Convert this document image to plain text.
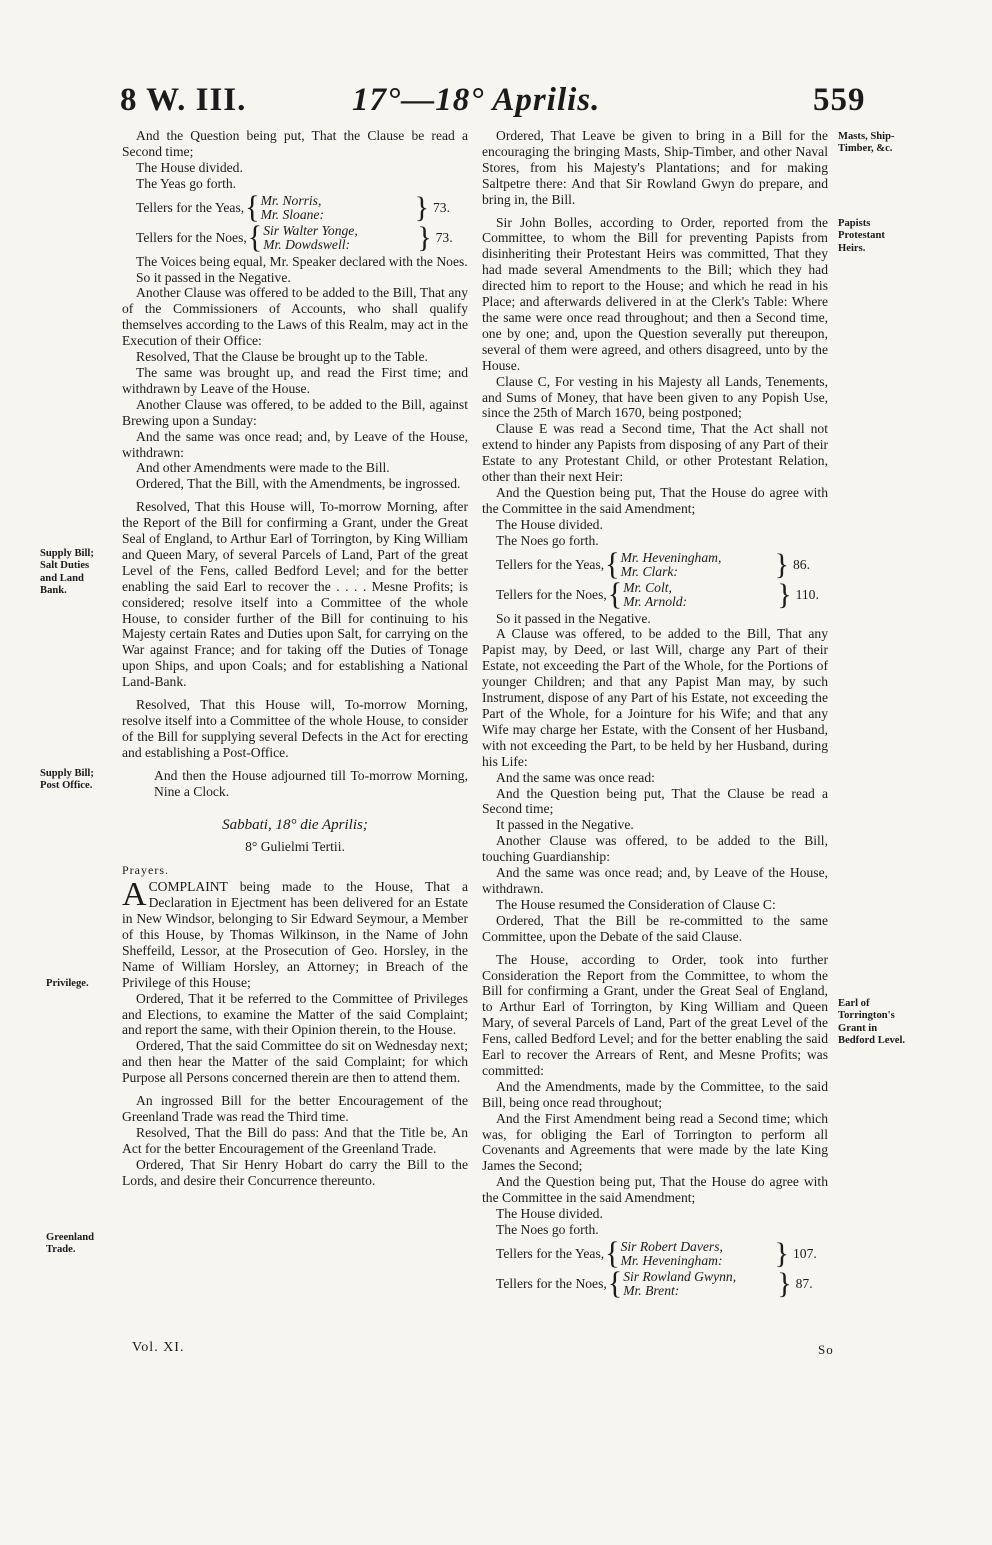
8 W. III.	17°—18° Aprilis.	559
Supply Bill; Salt Duties and Land Bank.
Supply Bill; Post Office.
Privilege.
Greenland Trade.
Masts, Ship-Timber, &c.
Papists Protestant Heirs.
Earl of Torrington's Grant in Bedford Level.

And the Question being put, That the Clause be read a Second time;

The House divided.

The Yeas go forth.

Tellers for the Yeas, { Mr. Norris,
Mr. Sloane:	} 73.
Tellers for the Noes, { Sir Walter Yonge,
Mr. Dowdswell:	} 73.

The Voices being equal, Mr. Speaker declared with the Noes.

So it passed in the Negative.

Another Clause was offered to be added to the Bill, That any of the Commissioners of Accounts, who shall qualify themselves according to the Laws of this Realm, may act in the Execution of their Office:

Resolved, That the Clause be brought up to the Table.

The same was brought up, and read the First time; and withdrawn by Leave of the House.

Another Clause was offered, to be added to the Bill, against Brewing upon a Sunday:

And the same was once read; and, by Leave of the House, withdrawn:

And other Amendments were made to the Bill.

Ordered, That the Bill, with the Amendments, be ingrossed.

Resolved, That this House will, To-morrow Morning, after the Report of the Bill for confirming a Grant, under the Great Seal of England, to Arthur Earl of Torrington, by King William and Queen Mary, of several Parcels of Land, Part of the great Level of the Fens, called Bedford Level; and for the better enabling the said Earl to recover the . . . . Mesne Profits; is considered; resolve itself into a Committee of the whole House, to consider further of the Bill for continuing to his Majesty certain Rates and Duties upon Salt, for carrying on the War against France; and for taking off the Duties of Tonage upon Ships, and upon Coals; and for establishing a National Land-Bank.

Resolved, That this House will, To-morrow Morning, resolve itself into a Committee of the whole House, to consider of the Bill for supplying several Defects in the Act for erecting and establishing a Post-Office.

And then the House adjourned till To-morrow Morning, Nine a Clock.

Sabbati, 18° die Aprilis;

8° Gulielmi Tertii.

Prayers.

ACOMPLAINT being made to the House, That a Declaration in Ejectment has been delivered for an Estate in New Windsor, belonging to Sir Edward Seymour, a Member of this House, by Thomas Wilkinson, in the Name of John Sheffeild, Lessor, at the Prosecution of Geo. Horsley, in the Name of William Horsley, an Attorney; in Breach of the Privilege of this House;

Ordered, That it be referred to the Committee of Privileges and Elections, to examine the Matter of the said Complaint; and report the same, with their Opinion therein, to the House.

Ordered, That the said Committee do sit on Wednesday next; and then hear the Matter of the said Complaint; for which Purpose all Persons concerned therein are then to attend them.

An ingrossed Bill for the better Encouragement of the Greenland Trade was read the Third time.

Resolved, That the Bill do pass: And that the Title be, An Act for the better Encouragement of the Greenland Trade.

Ordered, That Sir Henry Hobart do carry the Bill to the Lords, and desire their Concurrence thereunto.

Ordered, That Leave be given to bring in a Bill for the encouraging the bringing Masts, Ship-Timber, and other Naval Stores, from his Majesty's Plantations; and for making Saltpetre there: And that Sir Rowland Gwyn do prepare, and bring in, the Bill.

Sir John Bolles, according to Order, reported from the Committee, to whom the Bill for preventing Papists from disinheriting their Protestant Heirs was committed, That they had made several Amendments to the Bill; which they had directed him to report to the House; and which he read in his Place; and afterwards delivered in at the Clerk's Table: Where the same were once read throughout; and then a Second time, one by one; and, upon the Question severally put thereupon, several of them were agreed, and others disagreed, unto by the House.

Clause C, For vesting in his Majesty all Lands, Tenements, and Sums of Money, that have been given to any Popish Use, since the 25th of March 1670, being postponed;

Clause E was read a Second time, That the Act shall not extend to hinder any Papists from disposing of any Part of their Estate to any Protestant Child, or other Protestant Relation, other than their next Heir:

And the Question being put, That the House do agree with the Committee in the said Amendment;

The House divided.

The Noes go forth.

Tellers for the Yeas, { Mr. Heveningham,
Mr. Clark:	} 86.
Tellers for the Noes, { Mr. Colt,
Mr. Arnold:	} 110.

So it passed in the Negative.

A Clause was offered, to be added to the Bill, That any Papist may, by Deed, or last Will, charge any Part of their Estate, not exceeding the Part of the Whole, for the Portions of younger Children; and that any Papist Man may, by such Instrument, dispose of any Part of his Estate, not exceeding the Part of the Whole, for a Jointure for his Wife; and that any Wife may charge her Estate, with the Consent of her Husband, with not exceeding the Part, to be held by her Husband, during his Life:

And the same was once read:

And the Question being put, That the Clause be read a Second time;

It passed in the Negative.

Another Clause was offered, to be added to the Bill, touching Guardianship:

And the same was once read; and, by Leave of the House, withdrawn.

The House resumed the Consideration of Clause C:

Ordered, That the Bill be re-committed to the same Committee, upon the Debate of the said Clause.

The House, according to Order, took into further Consideration the Report from the Committee, to whom the Bill for confirming a Grant, under the Great Seal of England, to Arthur Earl of Torrington, by King William and Queen Mary, of several Parcels of Land, Part of the great Level of the Fens, called Bedford Level; and for the better enabling the said Earl to recover the Arrears of Rent, and Mesne Profits; was committed:

And the Amendments, made by the Committee, to the said Bill, being once read throughout;

And the First Amendment being read a Second time; which was, for obliging the Earl of Torrington to perform all Covenants and Agreements that were made by the late King James the Second;

And the Question being put, That the House do agree with the Committee in the said Amendment;

The House divided.

The Noes go forth.

Tellers for the Yeas, { Sir Robert Davers,
Mr. Heveningham:	} 107.
Tellers for the Noes, { Sir Rowland Gwynn,
Mr. Brent:	} 87.
Vol. XI.	So
